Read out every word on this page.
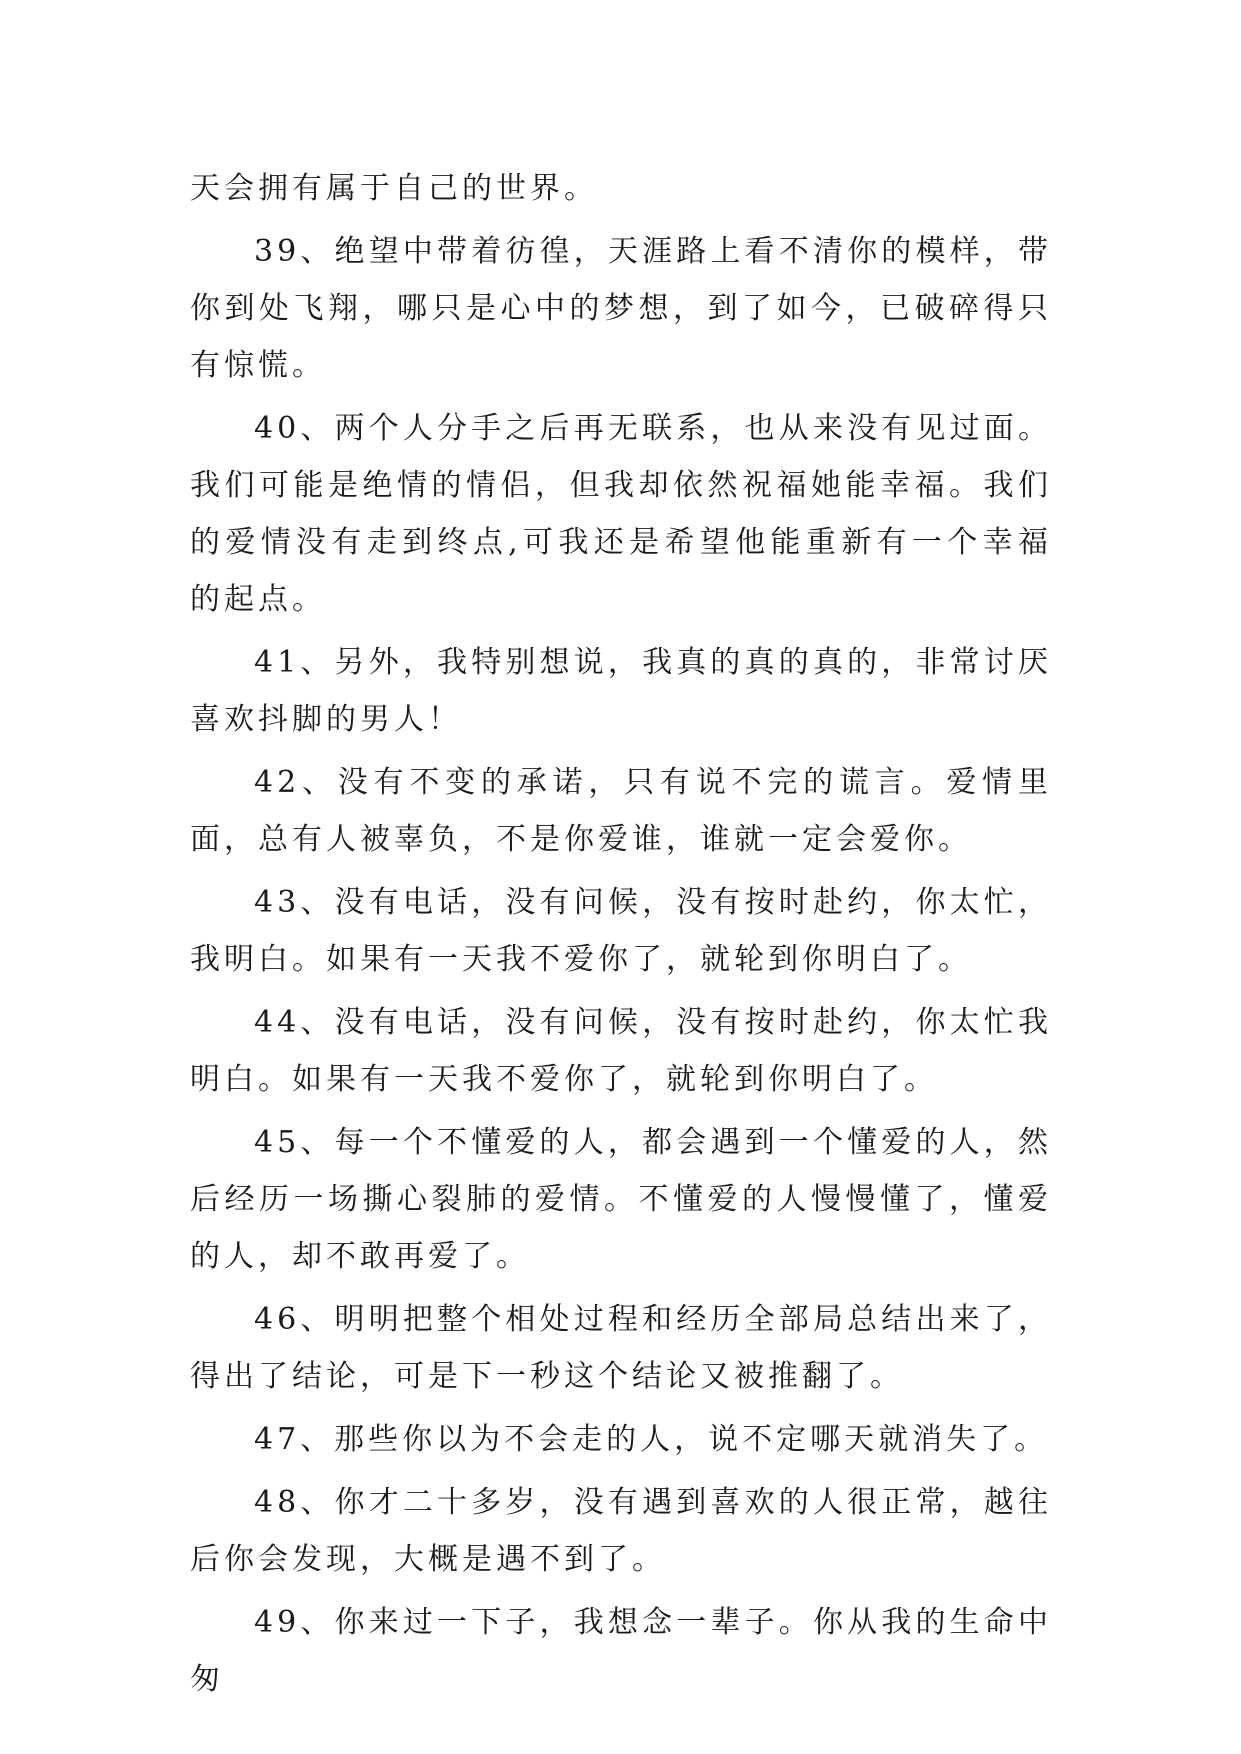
天会拥有属于自己的世界。

39、绝望中带着彷徨，天涯路上看不清你的模样，带你到处飞翔，哪只是心中的梦想，到了如今，已破碎得只有惊慌。

40、两个人分手之后再无联系，也从来没有见过面。我们可能是绝情的情侣，但我却依然祝福她能幸福。我们的爱情没有走到终点,可我还是希望他能重新有一个幸福的起点。

41、另外，我特别想说，我真的真的真的，非常讨厌喜欢抖脚的男人！

42、没有不变的承诺，只有说不完的谎言。爱情里面，总有人被辜负，不是你爱谁，谁就一定会爱你。

43、没有电话，没有问候，没有按时赴约，你太忙，我明白。如果有一天我不爱你了，就轮到你明白了。

44、没有电话，没有问候，没有按时赴约，你太忙我明白。如果有一天我不爱你了，就轮到你明白了。

45、每一个不懂爱的人，都会遇到一个懂爱的人，然后经历一场撕心裂肺的爱情。不懂爱的人慢慢懂了，懂爱的人，却不敢再爱了。

46、明明把整个相处过程和经历全部局总结出来了，得出了结论，可是下一秒这个结论又被推翻了。

47、那些你以为不会走的人，说不定哪天就消失了。

48、你才二十多岁，没有遇到喜欢的人很正常，越往后你会发现，大概是遇不到了。

49、你来过一下子，我想念一辈子。你从我的生命中匆
